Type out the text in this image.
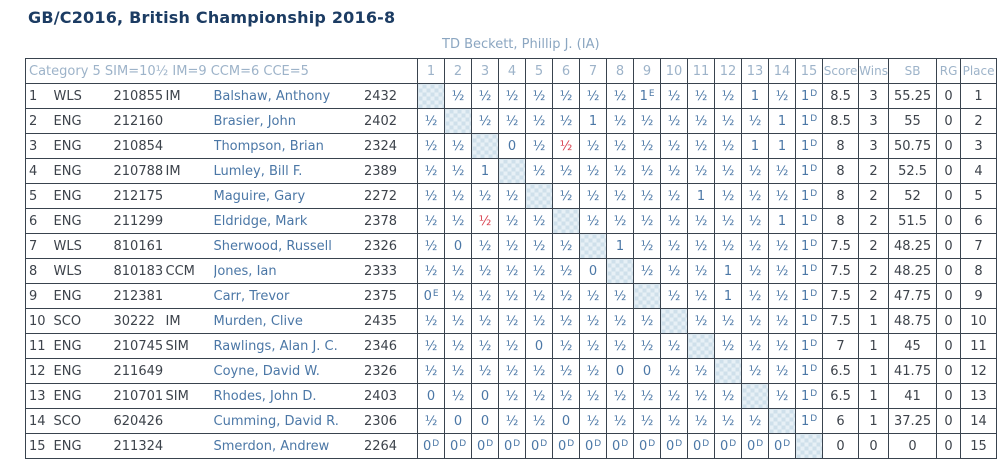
GB/C2016, British Championship 2016-8
TD Beckett, Phillip J. (IA)
Category 5 SIM=10½ IM=9 CCM=6 CCE=5						1	2	3	4	5	6	7	8	9	10	11	12	13	14	15	Score	Wins	SB	RG	Place
1	WLS	210855	IM	Balshaw, Anthony	2432		½	½	½	½	½	½	½	$1^E$	½	½	½	1	½	$1^D$	8.5	3	55.25	0	1
2	ENG	212160		Brasier, John	2402	½		½	½	½	½	1	½	½	½	½	½	½	1	$1^D$	8.5	3	55	0	2
3	ENG	210854		Thompson, Brian	2324	½	½		0	½	½	½	½	½	½	½	½	1	1	$1^D$	8	3	50.75	0	3
4	ENG	210788	IM	Lumley, Bill F.	2389	½	½	1		½	½	½	½	½	½	½	½	½	½	$1^D$	8	2	52.5	0	4
5	ENG	212175		Maguire, Gary	2272	½	½	½	½		½	½	½	½	½	1	½	½	½	$1^D$	8	2	52	0	5
6	ENG	211299		Eldridge, Mark	2378	½	½	½	½	½		½	½	½	½	½	½	½	1	$1^D$	8	2	51.5	0	6
7	WLS	810161		Sherwood, Russell	2326	½	0	½	½	½	½		1	½	½	½	½	½	½	$1^D$	7.5	2	48.25	0	7
8	WLS	810183	CCM	Jones, Ian	2333	½	½	½	½	½	½	0		½	½	½	1	½	½	$1^D$	7.5	2	48.25	0	8
9	ENG	212381		Carr, Trevor	2375	$0^E$	½	½	½	½	½	½	½		½	½	1	½	½	$1^D$	7.5	2	47.75	0	9
10	SCO	30222	IM	Murden, Clive	2435	½	½	½	½	½	½	½	½	½		½	½	½	½	$1^D$	7.5	1	48.75	0	10
11	ENG	210745	SIM	Rawlings, Alan J. C.	2346	½	½	½	½	0	½	½	½	½	½		½	½	½	$1^D$	7	1	45	0	11
12	ENG	211649		Coyne, David W.	2326	½	½	½	½	½	½	½	0	0	½	½		½	½	$1^D$	6.5	1	41.75	0	12
13	ENG	210701	SIM	Rhodes, John D.	2403	0	½	0	½	½	½	½	½	½	½	½	½		½	$1^D$	6.5	1	41	0	13
14	SCO	620426		Cumming, David R.	2306	½	0	0	½	½	0	½	½	½	½	½	½	½		$1^D$	6	1	37.25	0	14
15	ENG	211324		Smerdon, Andrew	2264	$0^D$	$0^D$	$0^D$	$0^D$	$0^D$	$0^D$	$0^D$	$0^D$	$0^D$	$0^D$	$0^D$	$0^D$	$0^D$	$0^D$		0	0	0	0	15
